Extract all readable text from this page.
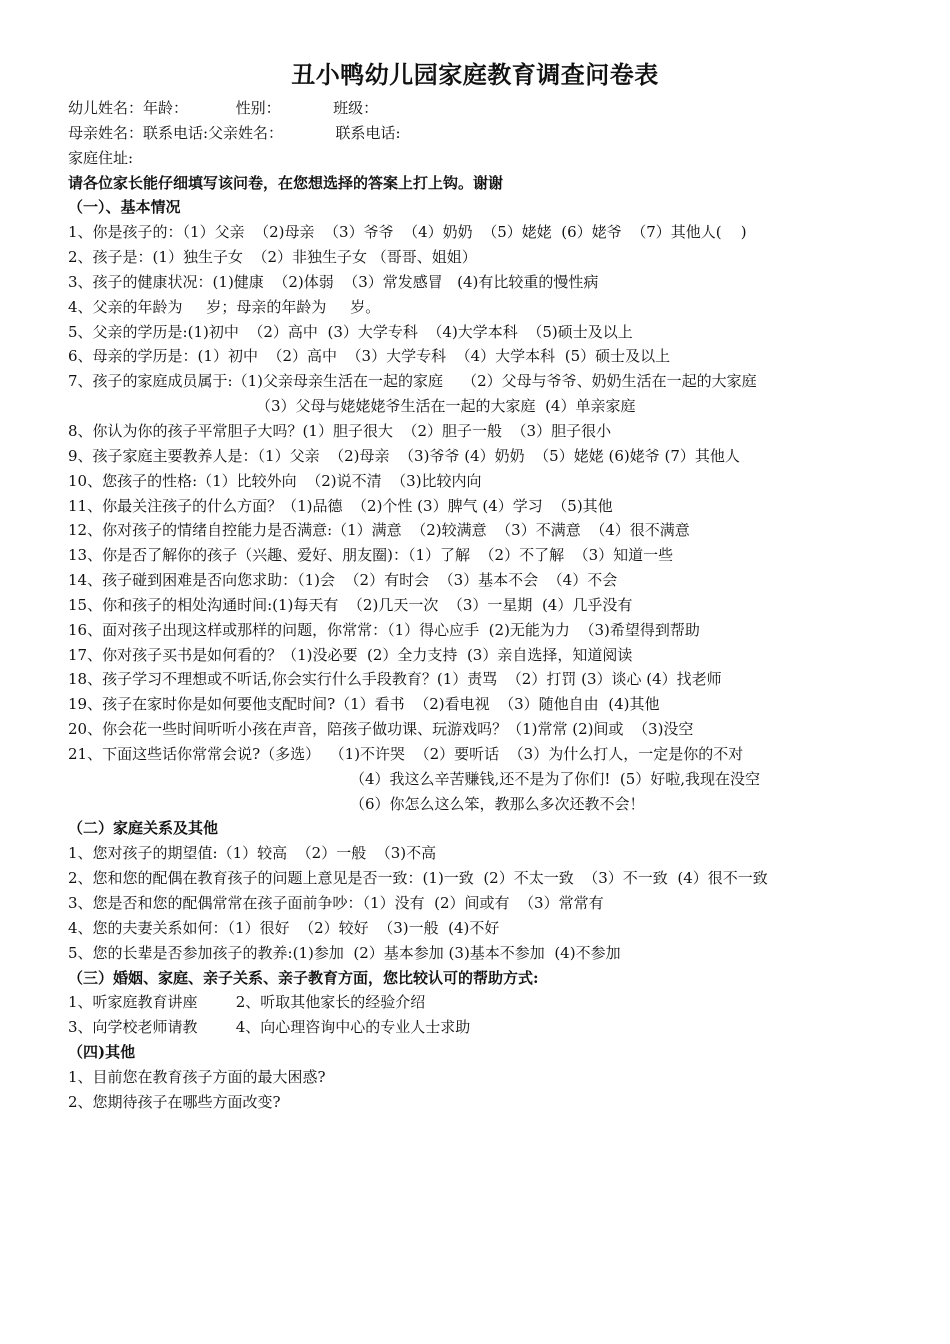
丑小鸭幼儿园家庭教育调查问卷表
幼儿姓名：年龄：          性别：           班级：
母亲姓名：联系电话:父亲姓名：           联系电话:
家庭住址:
请各位家长能仔细填写该问卷，在您想选择的答案上打上钩。谢谢
（一）、基本情况
1、你是孩子的：（1）父亲  （2)母亲  （3）爷爷  （4）奶奶  （5）姥姥  (6）姥爷  （7）其他人(    )
2、孩子是：(1）独生子女  （2）非独生子女 （哥哥、姐姐）
3、孩子的健康状况：(1)健康  （2)体弱  （3）常发感冒   (4)有比较重的慢性病
4、父亲的年龄为     岁；母亲的年龄为     岁。
5、父亲的学历是:(1)初中  （2）高中  (3）大学专科  （4)大学本科  （5)硕士及以上
6、母亲的学历是：(1）初中  （2）高中  （3）大学专科  （4）大学本科  (5）硕士及以上
7、孩子的家庭成员属于:（1)父亲母亲生活在一起的家庭    （2）父母与爷爷、奶奶生活在一起的大家庭
（3）父母与姥姥姥爷生活在一起的大家庭  (4）单亲家庭
8、你认为你的孩子平常胆子大吗？(1）胆子很大  （2）胆子一般  （3）胆子很小
9、孩子家庭主要教养人是：（1）父亲  （2)母亲  （3)爷爷 (4）奶奶  （5）姥姥 (6)姥爷 (7）其他人
10、您孩子的性格:（1）比较外向  （2)说不清  （3)比较内向
11、你最关注孩子的什么方面？（1)品德  （2)个性 (3）脾气 (4）学习  （5)其他
12、你对孩子的情绪自控能力是否满意:（1）满意  （2)较满意  （3）不满意  （4）很不满意
13、你是否了解你的孩子（兴趣、爱好、朋友圈)：（1）了解  （2）不了解  （3）知道一些
14、孩子碰到困难是否向您求助：（1)会  （2）有时会  （3）基本不会  （4）不会
15、你和孩子的相处沟通时间:(1)每天有  （2)几天一次  （3）一星期  (4）几乎没有
16、面对孩子出现这样或那样的问题，你常常：（1）得心应手  (2)无能为力  （3)希望得到帮助
17、你对孩子买书是如何看的？（1)没必要  (2）全力支持  (3）亲自选择，知道阅读
18、孩子学习不理想或不听话,你会实行什么手段教育？(1）责骂  （2）打罚 (3）谈心 (4）找老师
19、孩子在家时你是如何要他支配时间?（1）看书  （2)看电视  （3）随他自由  (4)其他
20、你会花一些时间听听小孩在声音，陪孩子做功课、玩游戏吗？（1)常常 (2)间或  （3)没空
21、下面这些话你常常会说?（多选）  （1)不许哭  （2）要听话  （3）为什么打人，一定是你的不对
（4）我这么辛苦赚钱,还不是为了你们!  (5）好啦,我现在没空
（6）你怎么这么笨，教那么多次还教不会！
（二）家庭关系及其他
1、您对孩子的期望值:（1）较高  （2）一般  （3)不高
2、您和您的配偶在教育孩子的问题上意见是否一致：(1)一致  (2）不太一致  （3）不一致  (4）很不一致
3、您是否和您的配偶常常在孩子面前争吵：（1）没有  (2）间或有  （3）常常有
4、您的夫妻关系如何：（1）很好  （2）较好  （3)一般  (4)不好
5、您的长辈是否参加孩子的教养:(1)参加  (2）基本参加 (3)基本不参加  (4)不参加
（三）婚姻、家庭、亲子关系、亲子教育方面，您比较认可的帮助方式:
1、听家庭教育讲座        2、听取其他家长的经验介绍
3、向学校老师请教        4、向心理咨询中心的专业人士求助
（四)其他
1、目前您在教育孩子方面的最大困惑?
2、您期待孩子在哪些方面改变?
